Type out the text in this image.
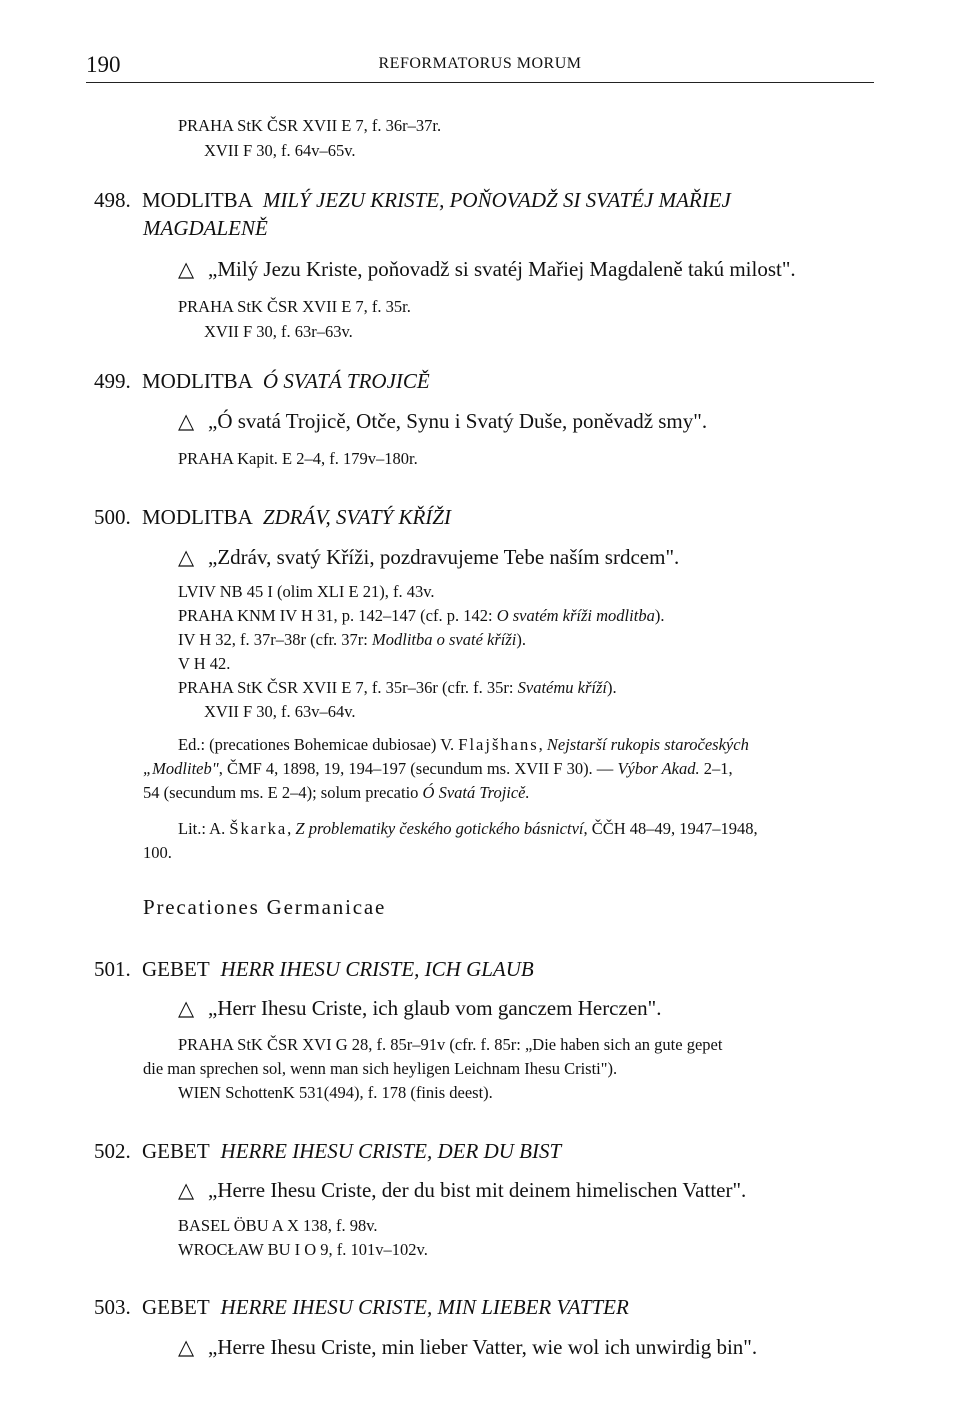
190	REFORMATORUS MORUM
PRAHA StK ČSR XVII E 7, f. 36r–37r.
XVII F 30, f. 64v–65v.
498. MODLITBA MILÝ JEZU KRISTE, POŇOVADŽ SI SVATÉJ MAŘIEJ
MAGDALENĚ
△ „Milý Jezu Kriste, poňovadž si svatéj Mařiej Magdaleně takú milost".
PRAHA StK ČSR XVII E 7, f. 35r.
XVII F 30, f. 63r–63v.
499. MODLITBA Ó SVATÁ TROJICĚ
△ „Ó svatá Trojicě, Otče, Synu i Svatý Duše, poněvadž smy".
PRAHA Kapit. E 2–4, f. 179v–180r.
500. MODLITBA ZDRÁV, SVATÝ KŘÍŽI
△ „Zdráv, svatý Kříži, pozdravujeme Tebe naším srdcem".
LVIV NB 45 I (olim XLI E 21), f. 43v.
PRAHA KNM IV H 31, p. 142–147 (cf. p. 142: O svatém kříži modlitba).
IV H 32, f. 37r–38r (cfr. 37r: Modlitba o svaté kříži).
V H 42.
PRAHA StK ČSR XVII E 7, f. 35r–36r (cfr. f. 35r: Svatému kříží).
XVII F 30, f. 63v–64v.
Ed.: (precationes Bohemicae dubiosae) V. Flajšhans, Nejstarší rukopis staročeských
„Modliteb", ČMF 4, 1898, 19, 194–197 (secundum ms. XVII F 30). — Výbor Akad. 2–1,
54 (secundum ms. E 2–4); solum precatio Ó Svatá Trojicě.
Lit.: A. Škarka, Z problematiky českého gotického básnictví, ČČH 48–49, 1947–1948,
100.
Precationes Germanicae
501. GEBET HERR IHESU CRISTE, ICH GLAUB
△ „Herr Ihesu Criste, ich glaub vom ganczem Herczen".
PRAHA StK ČSR XVI G 28, f. 85r–91v (cfr. f. 85r: „Die haben sich an gute gepet
die man sprechen sol, wenn man sich heyligen Leichnam Ihesu Cristi").
WIEN SchottenK 531(494), f. 178 (finis deest).
502. GEBET HERRE IHESU CRISTE, DER DU BIST
△ „Herre Ihesu Criste, der du bist mit deinem himelischen Vatter".
BASEL ÖBU A X 138, f. 98v.
WROCŁAW BU I O 9, f. 101v–102v.
503. GEBET HERRE IHESU CRISTE, MIN LIEBER VATTER
△ „Herre Ihesu Criste, min lieber Vatter, wie wol ich unwirdig bin".
